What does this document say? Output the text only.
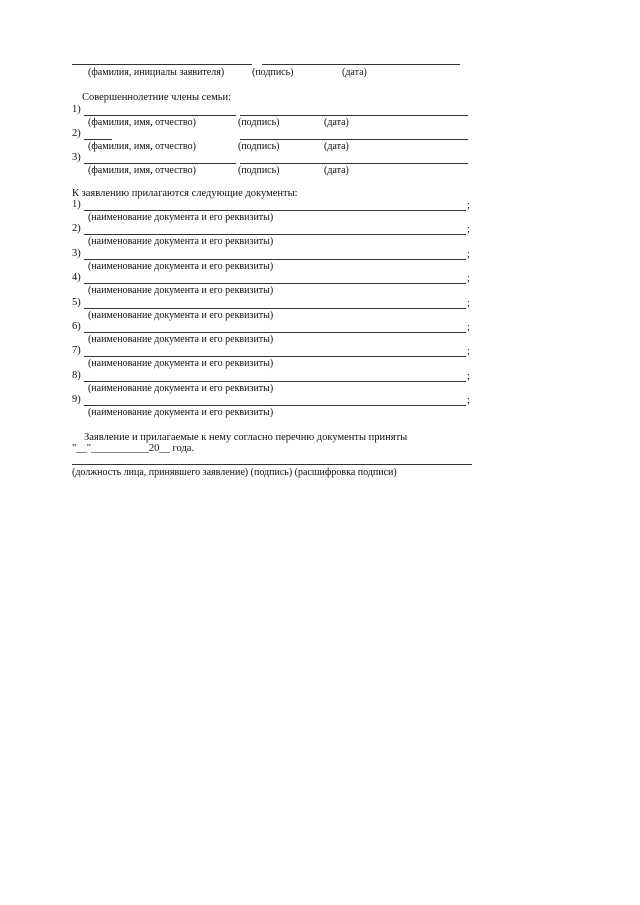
(фамилия, инициалы заявителя)	(подпись)	(дата)
Совершеннолетние члены семьи:
1)
(фамилия, имя, отчество)	(подпись)	(дата)
2)
(фамилия, имя, отчество)	(подпись)	(дата)
3)
(фамилия, имя, отчество)	(подпись)	(дата)
К заявлению прилагаются следующие документы:
1)	;
(наименование документа и его реквизиты)
2)	;
(наименование документа и его реквизиты)
3)	;
(наименование документа и его реквизиты)
4)	;
(наименование документа и его реквизиты)
5)	;
(наименование документа и его реквизиты)
6)	;
(наименование документа и его реквизиты)
7)	;
(наименование документа и его реквизиты)
8)	;
(наименование документа и его реквизиты)
9)	;
(наименование документа и его реквизиты)
Заявление и прилагаемые к нему согласно перечню документы приняты
"__"___________20__ года.
(должность лица, принявшего заявление) (подпись) (расшифровка подписи)
